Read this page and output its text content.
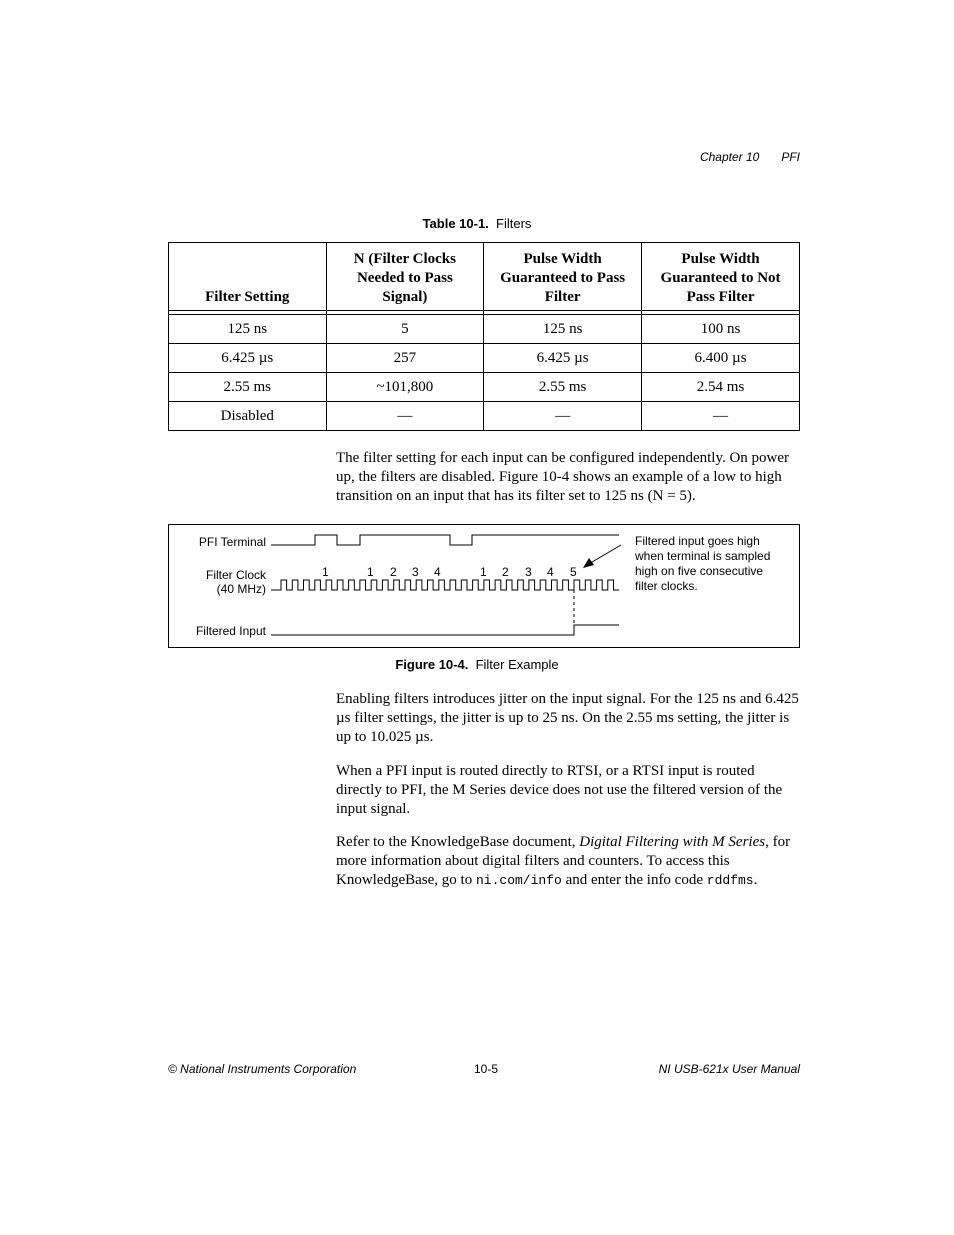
Chapter 10 PFI
Table 10-1. Filters
Filter Setting	N (Filter Clocks
Needed to Pass
Signal)	Pulse Width
Guaranteed to Pass
Filter	Pulse Width
Guaranteed to Not
Pass Filter

125 ns	5	125 ns	100 ns
6.425 µs	257	6.425 µs	6.400 µs
2.55 ms	~101,800	2.55 ms	2.54 ms
Disabled	—	—	—

The filter setting for each input can be configured independently. On power up, the filters are disabled. Figure 10-4 shows an example of a low to high transition on an input that has its filter set to 125 ns (N = 5).

PFI Terminal
Filter Clock
(40 MHz)
Filtered Input
1	1 2 3 4	1 2 3 4 5
Filtered input goes high
when terminal is sampled
high on five consecutive
filter clocks.
Figure 10-4. Filter Example

Enabling filters introduces jitter on the input signal. For the 125 ns and 6.425 µs filter settings, the jitter is up to 25 ns. On the 2.55 ms setting, the jitter is up to 10.025 µs.

When a PFI input is routed directly to RTSI, or a RTSI input is routed directly to PFI, the M Series device does not use the filtered version of the input signal.

Refer to the KnowledgeBase document, Digital Filtering with M Series, for more information about digital filters and counters. To access this KnowledgeBase, go to ni.com/info and enter the info code rddfms.

© National Instruments Corporation	10-5	NI USB-621x User Manual
